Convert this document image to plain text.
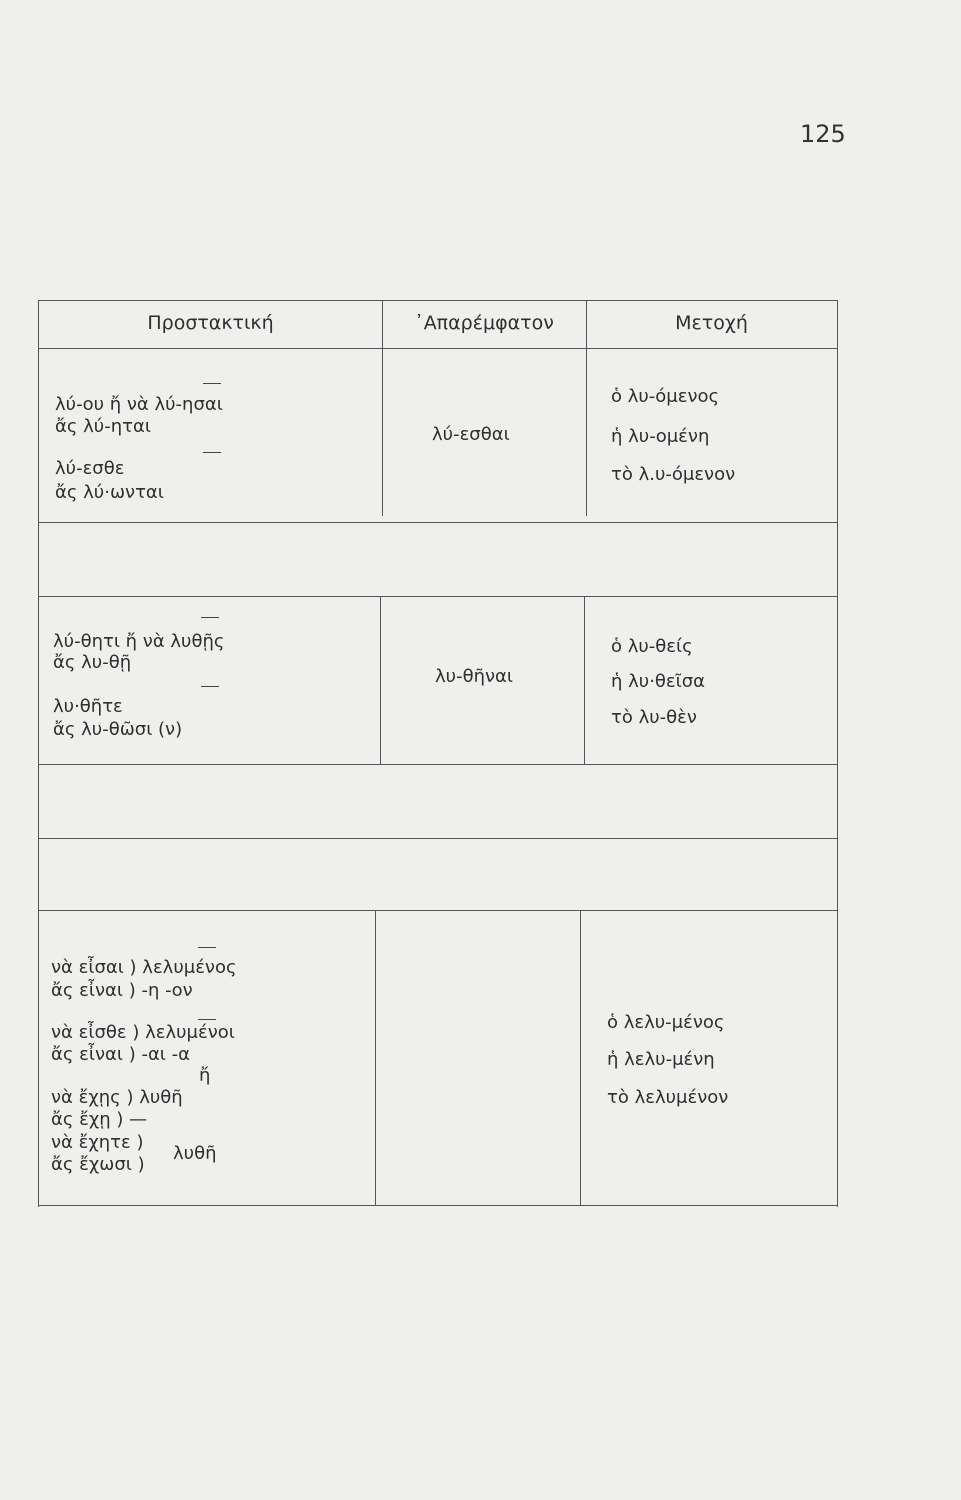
125
Προστακτική	᾿Απαρέμφατον	Μετοχή
λύ-ου ἤ νὰ λύ-ησαι
ἄς λύ-ηται
λύ-εσθε
ἄς λύ·ωνται
λύ-εσθαι
ὁ λυ-όμενος
ἡ λυ-ομένη
τὸ λ.υ-όμενον
λύ-θητι ἤ νὰ λυθῇς
ἄς λυ-θῇ
λυ·θῆτε
ἄς λυ-θῶσι (ν)
λυ-θῆναι
ὁ λυ-θείς
ἡ λυ·θεῖσα
τὸ λυ-θὲν
νὰ εἶσαι ) λελυμένος
ἄς εἶναι ) -η -ον
νὰ εἶσθε ) λελυμένοι
ἄς εἶναι ) -αι -α
ἤ
νὰ ἔχῃς ) λυθῆ
ἄς ἔχῃ ) —
νὰ ἔχητε )
ἄς ἔχωσι )
λυθῆ
ὁ λελυ-μένος
ἡ λελυ-μένη
τὸ λελυμένον
